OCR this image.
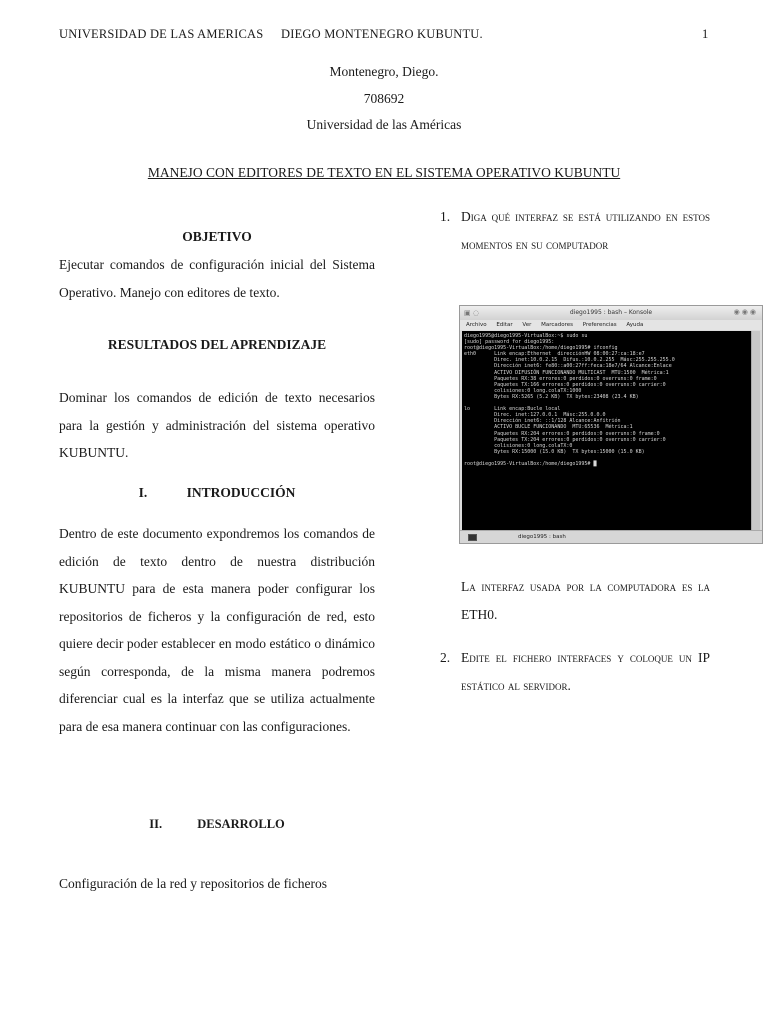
UNIVERSIDAD DE LAS AMERICAS DIEGO MONTENEGRO KUBUNTU.	1
Montenegro, Diego.
708692
Universidad de las Américas
MANEJO CON EDITORES DE TEXTO EN EL SISTEMA OPERATIVO KUBUNTU
OBJETIVO
Ejecutar comandos de configuración inicial del Sistema Operativo. Manejo con editores de texto.
RESULTADOS DEL APRENDIZAJE
Dominar los comandos de edición de texto necesarios para la gestión y administración del sistema operativo KUBUNTU.
I.	INTRODUCCIÓN
Dentro de este documento expondremos los comandos de edición de texto dentro de nuestra distribución KUBUNTU para de esta manera poder configurar los repositorios de ficheros y la configuración de red, esto quiere decir poder establecer en modo estático o dinámico según corresponda, de la misma manera podremos diferenciar cual es la interfaz que se utiliza actualmente para de esa manera continuar con las configuraciones.
II.	DESARROLLO
Configuración de la red y repositorios de ficheros
1. Diga qué interfaz se está utilizando en estos momentos en su computador
▣ ◌	diego1995 : bash – Konsole	◉◉◉
Archivo Editar Ver Marcadores Preferencias Ayuda
diego1995@diego1995-VirtualBox:~$ sudo su
[sudo] password for diego1995:
root@diego1995-VirtualBox:/home/diego1995# ifconfig
eth0      Link encap:Ethernet  direcciónHW 08:00:27:ca:18:e7
Direc. inet:10.0.2.15  Difus.:10.0.2.255  Másc:255.255.255.0
Dirección inet6: fe80::a00:27ff:feca:18e7/64 Alcance:Enlace
ACTIVO DIFUSIÓN FUNCIONANDO MULTICAST  MTU:1500  Métrica:1
Paquetes RX:38 errores:0 perdidos:0 overruns:0 frame:0
Paquetes TX:166 errores:0 perdidos:0 overruns:0 carrier:0
colisiones:0 long.colaTX:1000
Bytes RX:5265 (5.2 KB)  TX bytes:23408 (23.4 KB)

lo        Link encap:Bucle local
Direc. inet:127.0.0.1  Másc:255.0.0.0
Dirección inet6: ::1/128 Alcance:Anfitrión
ACTIVO BUCLE FUNCIONANDO  MTU:65536  Métrica:1
Paquetes RX:204 errores:0 perdidos:0 overruns:0 frame:0
Paquetes TX:204 errores:0 perdidos:0 overruns:0 carrier:0
colisiones:0 long.colaTX:0
Bytes RX:15000 (15.0 KB)  TX bytes:15000 (15.0 KB)

root@diego1995-VirtualBox:/home/diego1995# █
diego1995 : bash
La interfaz usada por la computadora es la ETH0.
2. Edite el fichero interfaces y coloque un IP estático al servidor.
